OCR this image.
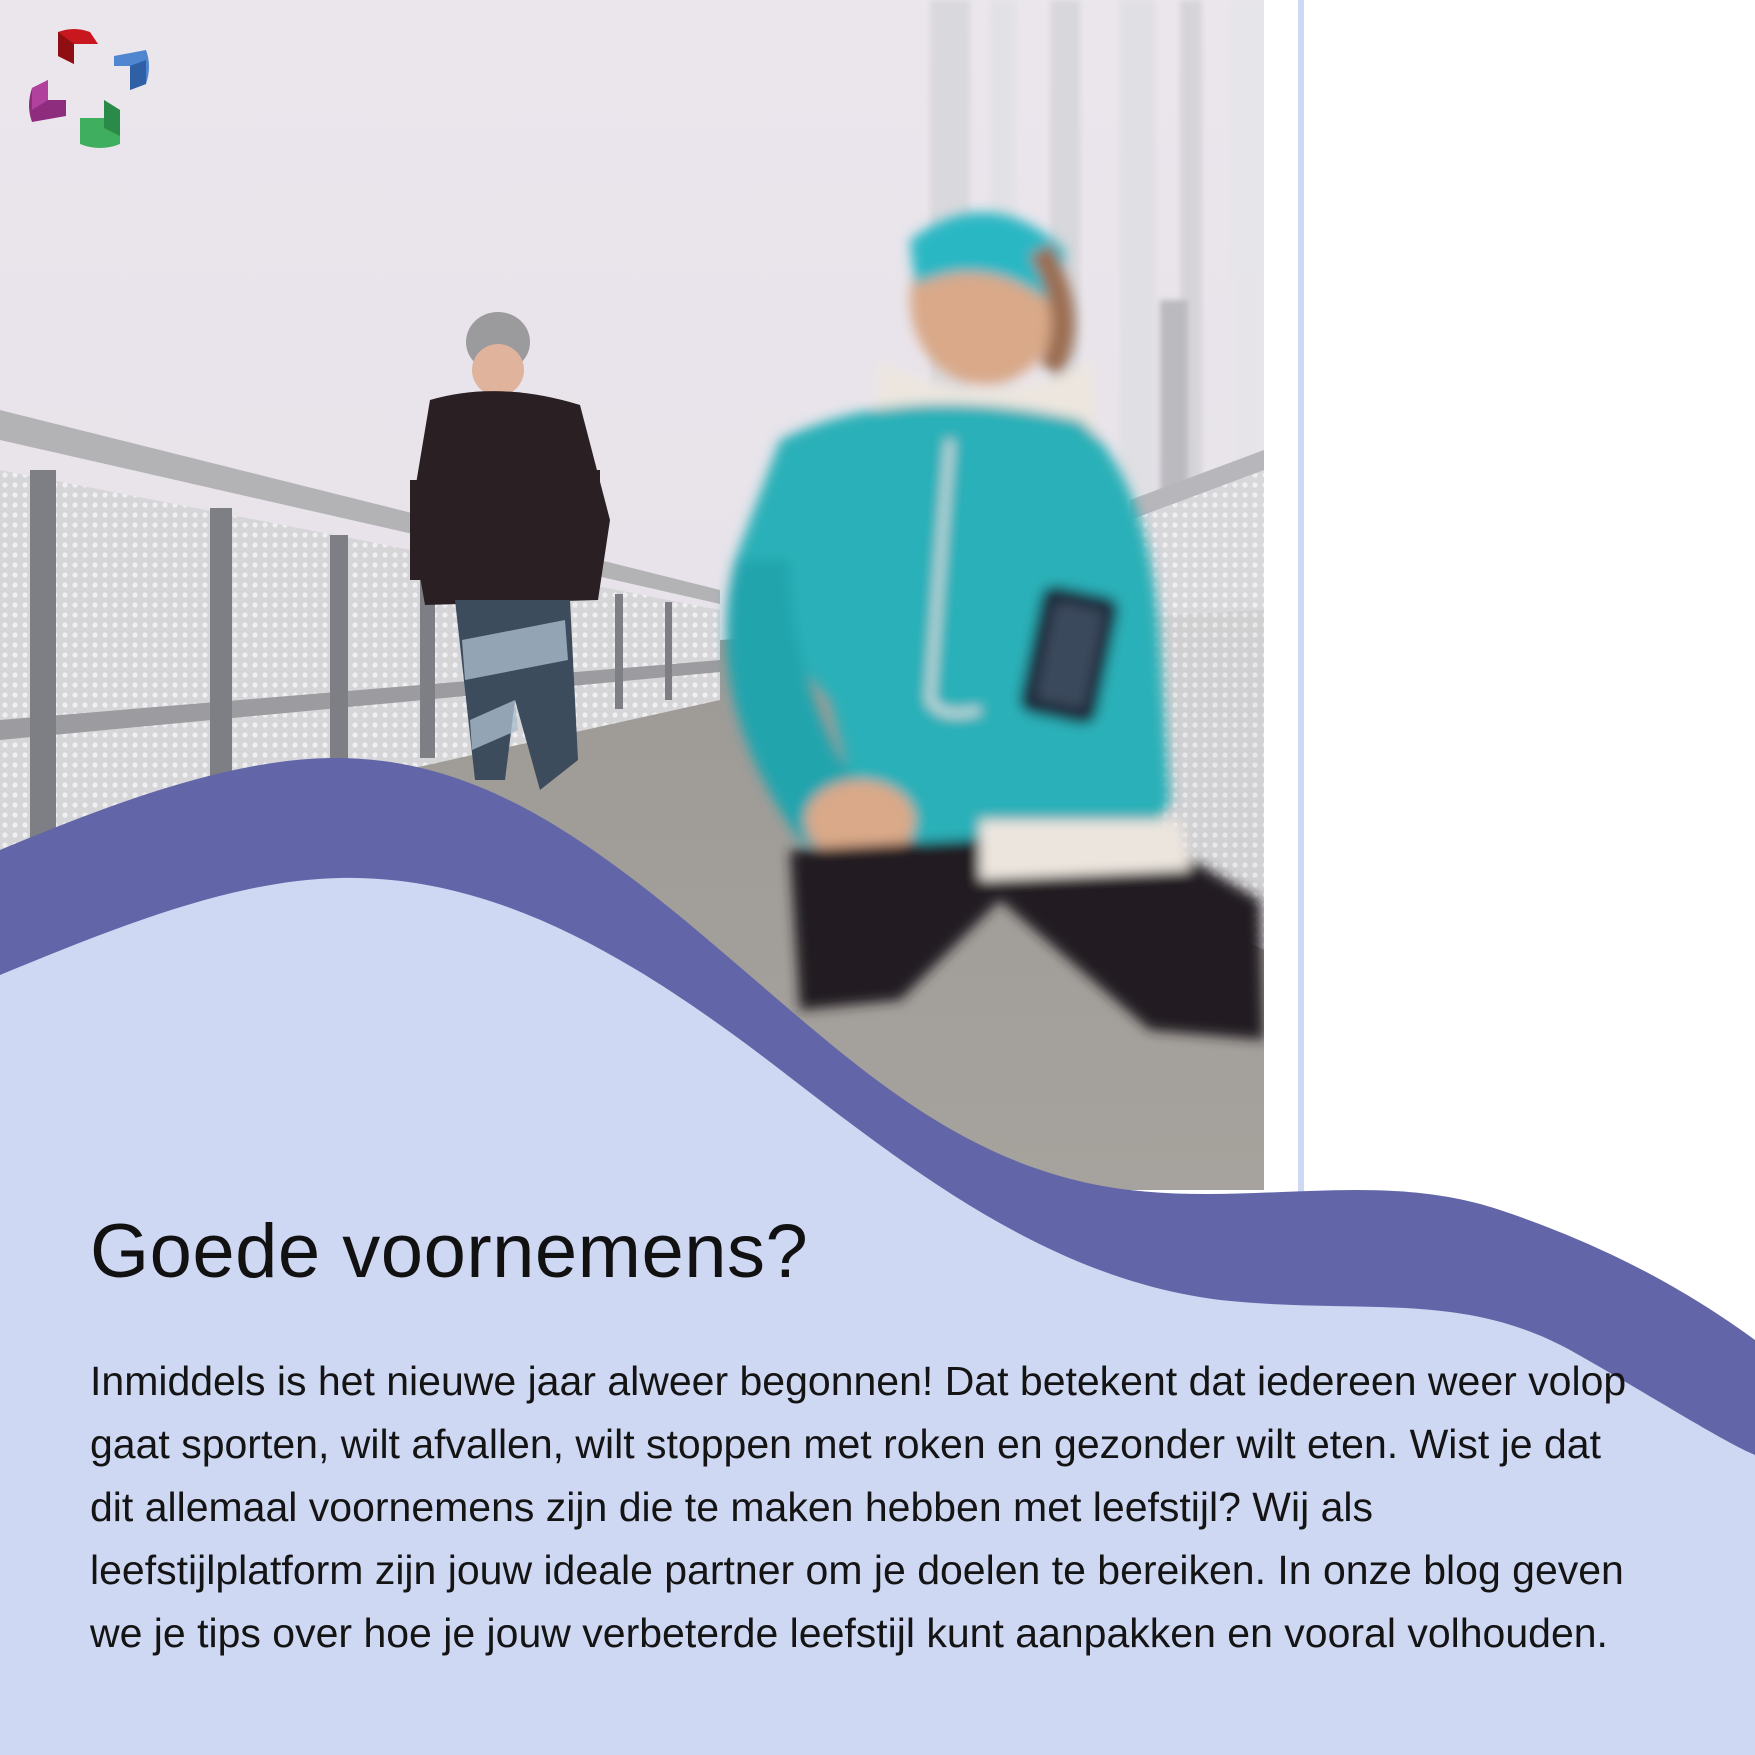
Goede voornemens?

Inmiddels is het nieuwe jaar alweer begonnen! Dat betekent dat iedereen weer volop gaat sporten, wilt afvallen, wilt stoppen met roken en gezonder wilt eten. Wist je dat dit allemaal voornemens zijn die te maken hebben met leefstijl? Wij als leefstijlplatform zijn jouw ideale partner om je doelen te bereiken. In onze blog geven we je tips over hoe je jouw verbeterde leefstijl kunt aanpakken en vooral volhouden.
